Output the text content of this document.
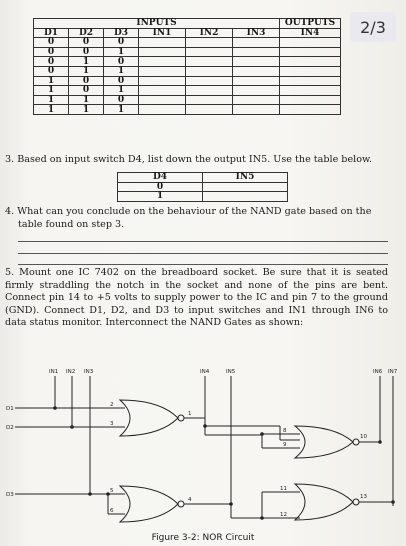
2/3
INPUTS						OUTPUTS
D1	D2	D3	IN1	IN2	IN3	IN4
0	0	0				
0	0	1				
0	1	0				
0	1	1				
1	0	0				
1	0	1				
1	1	0				
1	1	1				
3. Based on input switch D4, list down the output IN5. Use the table below.
D4	IN5
0	
1	
4. What can you conclude on the behaviour of the NAND gate based on the
table found on step 3.
5. Mount one IC 7402 on the breadboard socket. Be sure that it is seated firmly straddling the notch in the socket and none of the pins are bent. Connect pin 14 to +5 volts to supply power to the IC and pin 7 to the ground (GND). Connect D1, D2, and D3 to input switches and IN1 through IN6 to data status monitor. Interconnect the NAND Gates as shown:
IN1 IN2 IN3	IN4	IN5	IN6 IN7
D1
D2
D3
2
3
1
8
9
10
5
6
4
11
12
13
Figure 3-2: NOR Circuit
